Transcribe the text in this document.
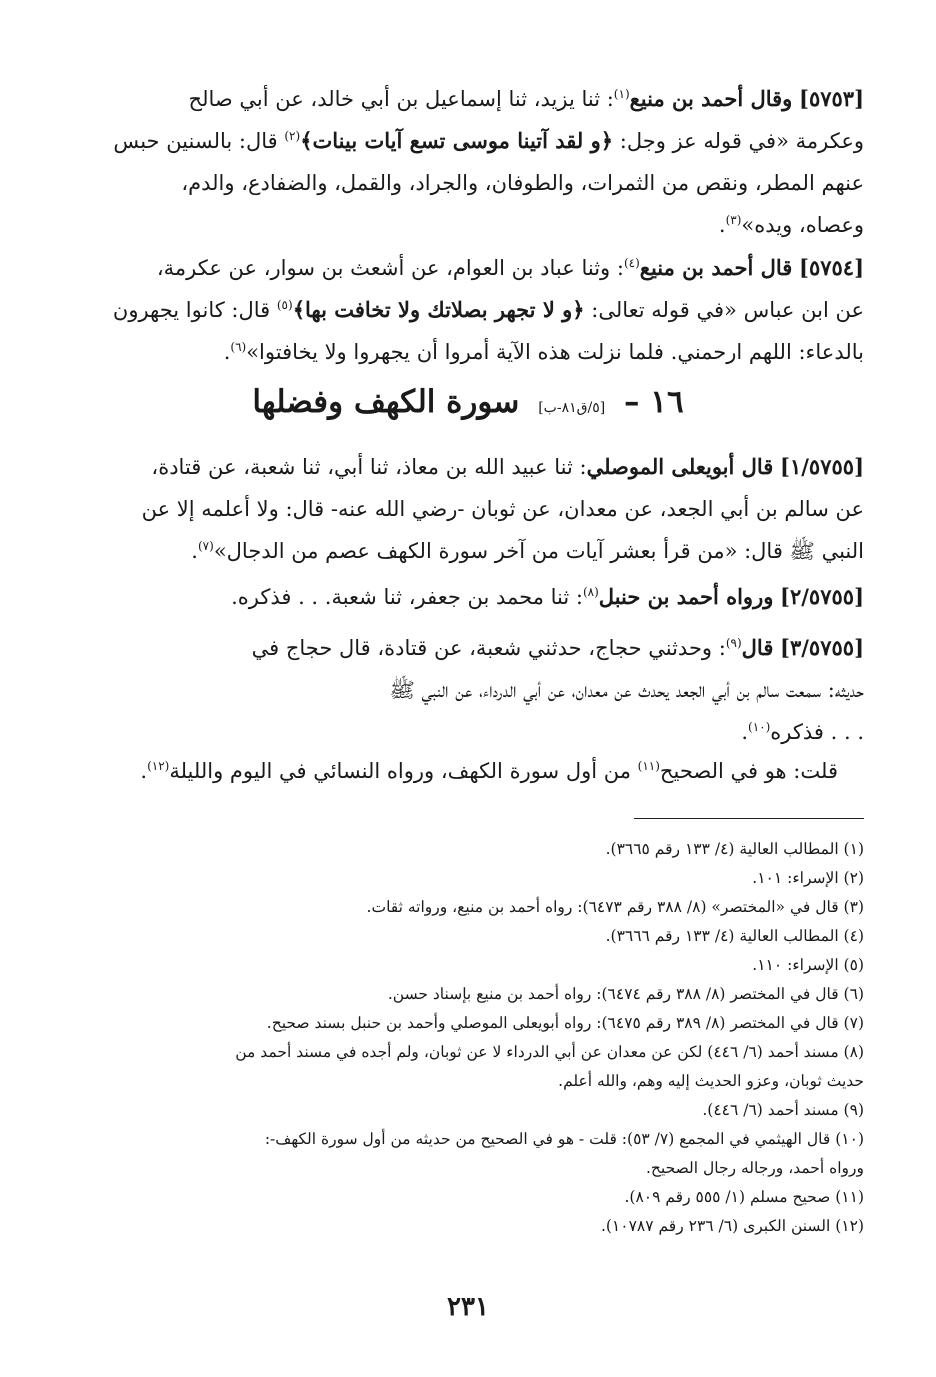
[٥٧٥٣] وقال أحمد بن منيع$^{(١)}$: ثنا يزيد، ثنا إسماعيل بن أبي خالد، عن أبي صالح
وعكرمة «في قوله عز وجل: ﴿و لقد آتينا موسى تسع آيات بينات﴾$^{(٢)}$ قال: بالسنين حبس
عنهم المطر، ونقص من الثمرات، والطوفان، والجراد، والقمل، والضفادع، والدم،
وعصاه، ويده»$^{(٣)}$.
[٥٧٥٤] قال أحمد بن منيع$^{(٤)}$: وثنا عباد بن العوام، عن أشعث بن سوار، عن عكرمة،
عن ابن عباس «في قوله تعالى: ﴿و لا تجهر بصلاتك ولا تخافت بها﴾$^{(٥)}$ قال: كانوا يجهرون
بالدعاء: اللهم ارحمني. فلما نزلت هذه الآية أمروا أن يجهروا ولا يخافتوا»$^{(٦)}$.
١٦ – [٥/ق٨١-ب] سورة الكهف وفضلها
[١/٥٧٥٥] قال أبويعلى الموصلي: ثنا عبيد الله بن معاذ، ثنا أبي، ثنا شعبة، عن قتادة،
عن سالم بن أبي الجعد، عن معدان، عن ثوبان -رضي الله عنه- قال: ولا أعلمه إلا عن
النبي ﷺ قال: «من قرأ بعشر آيات من آخر سورة الكهف عصم من الدجال»$^{(٧)}$.
[٢/٥٧٥٥] ورواه أحمد بن حنبل$^{(٨)}$: ثنا محمد بن جعفر، ثنا شعبة. . . فذكره.
[٣/٥٧٥٥] قال$^{(٩)}$: وحدثني حجاج، حدثني شعبة، عن قتادة، قال حجاج في
حديثه: سمعت سالم بن أبي الجعد يحدث عن معدان، عن أبي الدرداء، عن النبي ﷺ
. . . فذكره$^{(١٠)}$.
قلت: هو في الصحيح$^{(١١)}$ من أول سورة الكهف، ورواه النسائي في اليوم والليلة$^{(١٢)}$.
(١) المطالب العالية (٤/ ١٣٣ رقم ٣٦٦٥).
(٢) الإسراء: ١٠١.
(٣) قال في «المختصر» (٨/ ٣٨٨ رقم ٦٤٧٣): رواه أحمد بن منيع، ورواته ثقات.
(٤) المطالب العالية (٤/ ١٣٣ رقم ٣٦٦٦).
(٥) الإسراء: ١١٠.
(٦) قال في المختصر (٨/ ٣٨٨ رقم ٦٤٧٤): رواه أحمد بن منيع بإسناد حسن.
(٧) قال في المختصر (٨/ ٣٨٩ رقم ٦٤٧٥): رواه أبويعلى الموصلي وأحمد بن حنبل بسند صحيح.
(٨) مسند أحمد (٦/ ٤٤٦) لكن عن معدان عن أبي الدرداء لا عن ثوبان، ولم أجده في مسند أحمد من
حديث ثوبان، وعزو الحديث إليه وهم، والله أعلم.
(٩) مسند أحمد (٦/ ٤٤٦).
(١٠) قال الهيثمي في المجمع (٧/ ٥٣): قلت - هو في الصحيح من حديثه من أول سورة الكهف-:
ورواه أحمد، ورجاله رجال الصحيح.
(١١) صحيح مسلم (١/ ٥٥٥ رقم ٨٠٩).
(١٢) السنن الكبرى (٦/ ٢٣٦ رقم ١٠٧٨٧).
٢٣١
